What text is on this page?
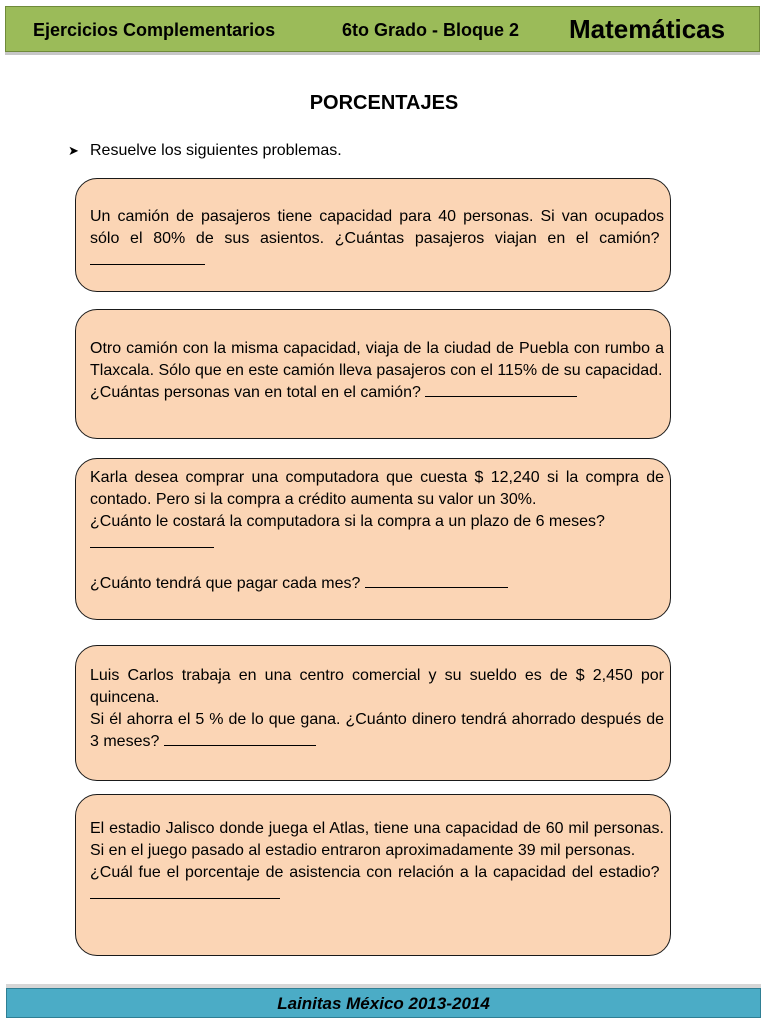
Ejercicios Complementarios	6to Grado - Bloque 2 Matemáticas
PORCENTAJES
➤ Resuelve los siguientes problemas.

Un camión de pasajeros tiene capacidad para 40 personas. Si van ocupados sólo el 80% de sus asientos. ¿Cuántas pasajeros viajan en el camión?

Otro camión con la misma capacidad, viaja de la ciudad de Puebla con rumbo a Tlaxcala. Sólo que en este camión lleva pasajeros con el 115% de su capacidad.

¿Cuántas personas van en total en el camión?

Karla desea comprar una computadora que cuesta $ 12,240 si la compra de contado. Pero si la compra a crédito aumenta su valor un 30%.

¿Cuánto le costará la computadora si la compra a un plazo de 6 meses?

¿Cuánto tendrá que pagar cada mes?

Luis Carlos trabaja en una centro comercial y su sueldo es de $ 2,450 por quincena.

Si él ahorra el 5 % de lo que gana. ¿Cuánto dinero tendrá ahorrado después de 3 meses?

El estadio Jalisco donde juega el Atlas, tiene una capacidad de 60 mil personas. Si en el juego pasado al estadio entraron aproximadamente 39 mil personas.

¿Cuál fue el porcentaje de asistencia con relación a la capacidad del estadio?

Lainitas México 2013-2014
